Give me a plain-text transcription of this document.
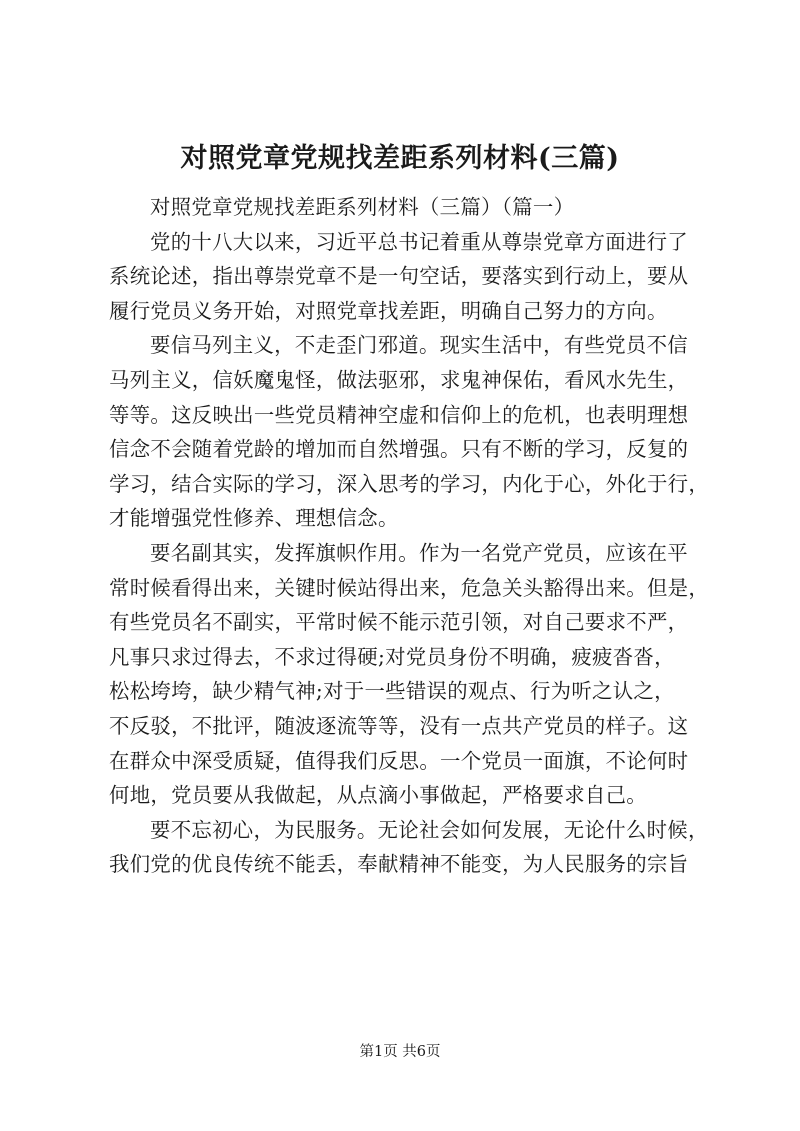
对照党章党规找差距系列材料(三篇)
对照党章党规找差距系列材料（三篇）（篇一）
党的十八大以来，习近平总书记着重从尊崇党章方面进行了
系统论述，指出尊崇党章不是一句空话，要落实到行动上，要从
履行党员义务开始，对照党章找差距，明确自己努力的方向。
要信马列主义，不走歪门邪道。现实生活中，有些党员不信
马列主义，信妖魔鬼怪，做法驱邪，求鬼神保佑，看风水先生，
等等。这反映出一些党员精神空虚和信仰上的危机，也表明理想
信念不会随着党龄的增加而自然增强。只有不断的学习，反复的
学习，结合实际的学习，深入思考的学习，内化于心，外化于行，
才能增强党性修养、理想信念。
要名副其实，发挥旗帜作用。作为一名党产党员，应该在平
常时候看得出来，关键时候站得出来，危急关头豁得出来。但是，
有些党员名不副实，平常时候不能示范引领，对自己要求不严，
凡事只求过得去，不求过得硬;对党员身份不明确，疲疲沓沓，
松松垮垮，缺少精气神;对于一些错误的观点、行为听之认之，
不反驳，不批评，随波逐流等等，没有一点共产党员的样子。这
在群众中深受质疑，值得我们反思。一个党员一面旗，不论何时
何地，党员要从我做起，从点滴小事做起，严格要求自己。
要不忘初心，为民服务。无论社会如何发展，无论什么时候，
我们党的优良传统不能丢，奉献精神不能变，为人民服务的宗旨
第1页 共6页
